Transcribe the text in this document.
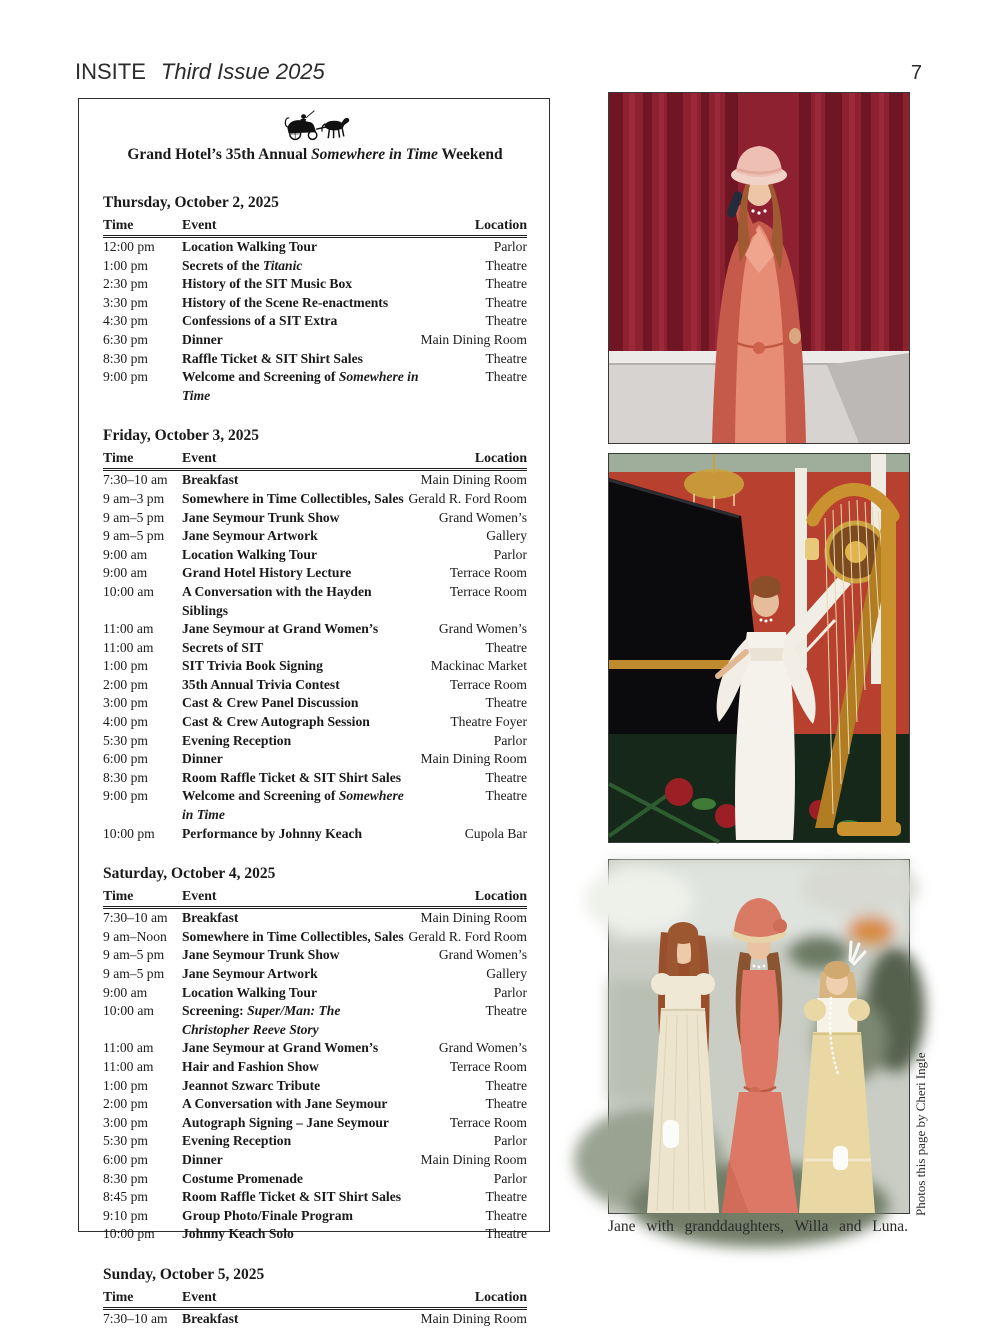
INSITE Third Issue 2025	7
Grand Hotel’s 35th Annual Somewhere in Time Weekend
Thursday, October 2, 2025
Time	Event	Location
12:00 pm	Location Walking Tour	Parlor
1:00 pm	Secrets of the Titanic	Theatre
2:30 pm	History of the SIT Music Box	Theatre
3:30 pm	History of the Scene Re-enactments	Theatre
4:30 pm	Confessions of a SIT Extra	Theatre
6:30 pm	Dinner	Main Dining Room
8:30 pm	Raffle Ticket & SIT Shirt Sales	Theatre
9:00 pm	Welcome and Screening of Somewhere in Time	Theatre
Friday, October 3, 2025
Time	Event	Location
7:30–10 am	Breakfast	Main Dining Room
9 am–3 pm	Somewhere in Time Collectibles, Sales	Gerald R. Ford Room
9 am–5 pm	Jane Seymour Trunk Show	Grand Women’s
9 am–5 pm	Jane Seymour Artwork	Gallery
9:00 am	Location Walking Tour	Parlor
9:00 am	Grand Hotel History Lecture	Terrace Room
10:00 am	A Conversation with the Hayden Siblings	Terrace Room
11:00 am	Jane Seymour at Grand Women’s	Grand Women’s
11:00 am	Secrets of SIT	Theatre
1:00 pm	SIT Trivia Book Signing	Mackinac Market
2:00 pm	35th Annual Trivia Contest	Terrace Room
3:00 pm	Cast & Crew Panel Discussion	Theatre
4:00 pm	Cast & Crew Autograph Session	Theatre Foyer
5:30 pm	Evening Reception	Parlor
6:00 pm	Dinner	Main Dining Room
8:30 pm	Room Raffle Ticket & SIT Shirt Sales	Theatre
9:00 pm	Welcome and Screening of Somewhere in Time	Theatre
10:00 pm	Performance by Johnny Keach	Cupola Bar
Saturday, October 4, 2025
Time	Event	Location
7:30–10 am	Breakfast	Main Dining Room
9 am–Noon	Somewhere in Time Collectibles, Sales	Gerald R. Ford Room
9 am–5 pm	Jane Seymour Trunk Show	Grand Women’s
9 am–5 pm	Jane Seymour Artwork	Gallery
9:00 am	Location Walking Tour	Parlor
10:00 am	Screening: Super/Man: The Christopher Reeve Story	Theatre
11:00 am	Jane Seymour at Grand Women’s	Grand Women’s
11:00 am	Hair and Fashion Show	Terrace Room
1:00 pm	Jeannot Szwarc Tribute	Theatre
2:00 pm	A Conversation with Jane Seymour	Theatre
3:00 pm	Autograph Signing – Jane Seymour	Terrace Room
5:30 pm	Evening Reception	Parlor
6:00 pm	Dinner	Main Dining Room
8:30 pm	Costume Promenade	Parlor
8:45 pm	Room Raffle Ticket & SIT Shirt Sales	Theatre
9:10 pm	Group Photo/Finale Program	Theatre
10:00 pm	Johnny Keach Solo	Theatre
Sunday, October 5, 2025
Time	Event	Location
7:30–10 am	Breakfast	Main Dining Room
Jane with granddaughters, Willa and Luna.
Photos this page by Cheri Ingle
